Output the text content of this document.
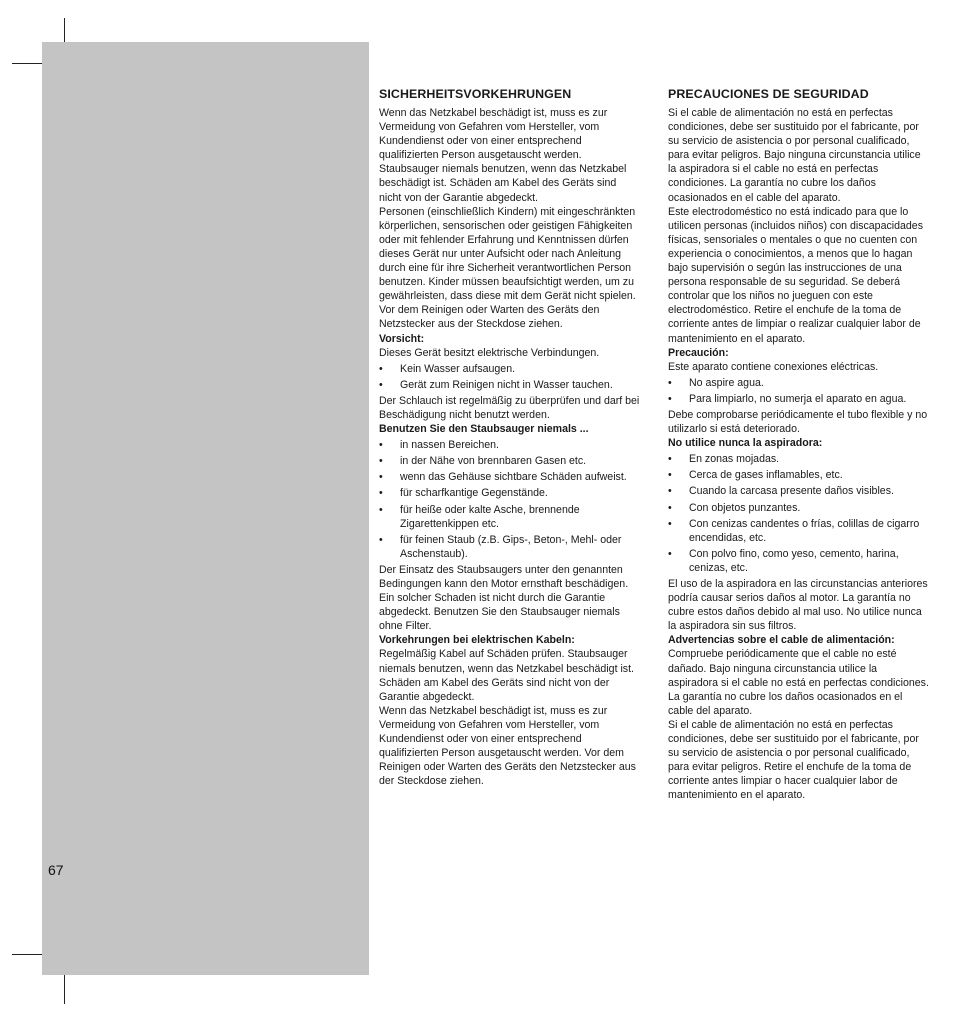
67
SICHERHEITSVORKEHRUNGEN

Wenn das Netzkabel beschädigt ist, muss es zur Vermeidung von Gefahren vom Hersteller, vom Kundendienst oder von einer entsprechend qualifizierten Person ausgetauscht werden. Staubsauger niemals benutzen, wenn das Netzkabel beschädigt ist. Schäden am Kabel des Geräts sind nicht von der Garantie abgedeckt.

Personen (einschließlich Kindern) mit eingeschränkten körperlichen, sensorischen oder geistigen Fähigkeiten oder mit fehlender Erfahrung und Kenntnissen dürfen dieses Gerät nur unter Aufsicht oder nach Anleitung durch eine für ihre Sicherheit verantwortlichen Person benutzen. Kinder müssen beaufsichtigt werden, um zu gewährleisten, dass diese mit dem Gerät nicht spielen. Vor dem Reinigen oder Warten des Geräts den Netzstecker aus der Steckdose ziehen.

Vorsicht:

Dieses Gerät besitzt elektrische Verbindungen.

• Kein Wasser aufsaugen.
• Gerät zum Reinigen nicht in Wasser tauchen.

Der Schlauch ist regelmäßig zu überprüfen und darf bei Beschädigung nicht benutzt werden.

Benutzen Sie den Staubsauger niemals ...

• in nassen Bereichen.
• in der Nähe von brennbaren Gasen etc.
• wenn das Gehäuse sichtbare Schäden aufweist.
• für scharfkantige Gegenstände.
• für heiße oder kalte Asche, brennende Zigarettenkippen etc.
• für feinen Staub (z.B. Gips-, Beton-, Mehl- oder Aschenstaub).

Der Einsatz des Staubsaugers unter den genannten Bedingungen kann den Motor ernsthaft beschädigen. Ein solcher Schaden ist nicht durch die Garantie abgedeckt. Benutzen Sie den Staubsauger niemals ohne Filter.

Vorkehrungen bei elektrischen Kabeln:

Regelmäßig Kabel auf Schäden prüfen. Staubsauger niemals benutzen, wenn das Netzkabel beschädigt ist. Schäden am Kabel des Geräts sind nicht von der Garantie abgedeckt.

Wenn das Netzkabel beschädigt ist, muss es zur Vermeidung von Gefahren vom Hersteller, vom Kundendienst oder von einer entsprechend qualifizierten Person ausgetauscht werden. Vor dem Reinigen oder Warten des Geräts den Netzstecker aus der Steckdose ziehen.

PRECAUCIONES DE SEGURIDAD

Si el cable de alimentación no está en perfectas condiciones, debe ser sustituido por el fabricante, por su servicio de asistencia o por personal cualificado, para evitar peligros. Bajo ninguna circunstancia utilice la aspiradora si el cable no está en perfectas condiciones. La garantía no cubre los daños ocasionados en el cable del aparato.

Este electrodoméstico no está indicado para que lo utilicen personas (incluidos niños) con discapacidades físicas, sensoriales o mentales o que no cuenten con experiencia o conocimientos, a menos que lo hagan bajo supervisión o según las instrucciones de una persona responsable de su seguridad. Se deberá controlar que los niños no jueguen con este electrodoméstico. Retire el enchufe de la toma de corriente antes de limpiar o realizar cualquier labor de mantenimiento en el aparato.

Precaución:

Este aparato contiene conexiones eléctricas.

• No aspire agua.
• Para limpiarlo, no sumerja el aparato en agua.

Debe comprobarse periódicamente el tubo flexible y no utilizarlo si está deteriorado.

No utilice nunca la aspiradora:

• En zonas mojadas.
• Cerca de gases inflamables, etc.
• Cuando la carcasa presente daños visibles.
• Con objetos punzantes.
• Con cenizas candentes o frías, colillas de cigarro encendidas, etc.
• Con polvo fino, como yeso, cemento, harina, cenizas, etc.

El uso de la aspiradora en las circunstancias anteriores podría causar serios daños al motor. La garantía no cubre estos daños debido al mal uso. No utilice nunca la aspiradora sin sus filtros.

Advertencias sobre el cable de alimentación:

Compruebe periódicamente que el cable no esté dañado. Bajo ninguna circunstancia utilice la aspiradora si el cable no está en perfectas condiciones. La garantía no cubre los daños ocasionados en el cable del aparato.

Si el cable de alimentación no está en perfectas condiciones, debe ser sustituido por el fabricante, por su servicio de asistencia o por personal cualificado, para evitar peligros. Retire el enchufe de la toma de corriente antes limpiar o hacer cualquier labor de mantenimiento en el aparato.
